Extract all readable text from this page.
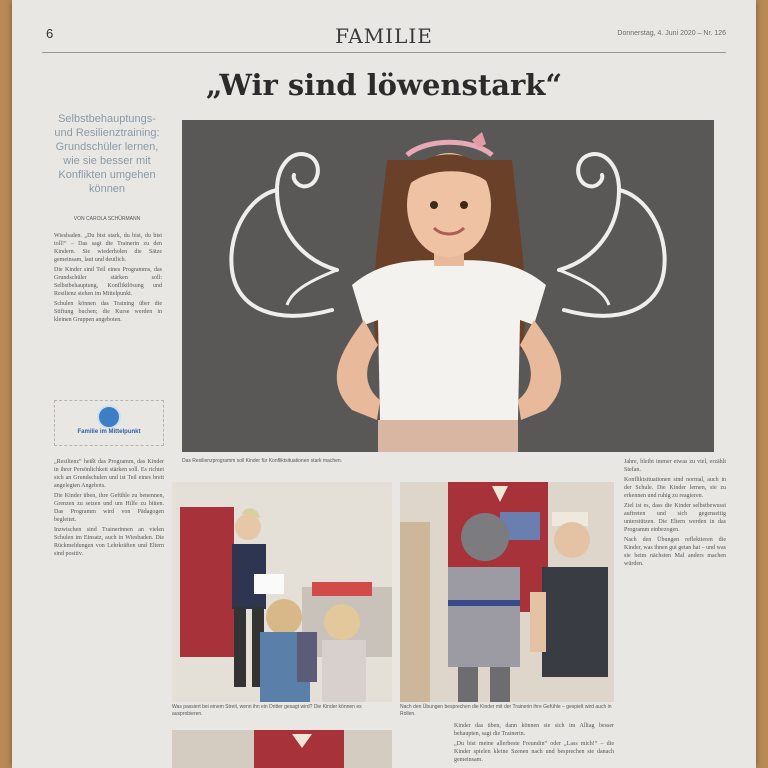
6	FAMILIE	Donnerstag, 4. Juni 2020 – Nr. 126
„Wir sind löwenstark“
Selbstbehauptungs- und Resilienztraining: Grundschüler lernen, wie sie besser mit Konflikten umgehen können
VON CAROLA SCHÜRMANN

Wiesbaden. „Du bist stark, du bist, du bist toll!“ – Das sagt die Trainerin zu den Kindern. Sie wiederholen die Sätze gemeinsam, laut und deutlich.

Die Kinder sind Teil eines Programms, das Grundschüler stärken soll: Selbstbehauptung, Konfliktlösung und Resilienz stehen im Mittelpunkt.

Schulen können das Training über die Stiftung buchen; die Kurse werden in kleinen Gruppen angeboten.

Familie im Mittelpunkt

„Resilienz“ heißt das Programm, das Kinder in ihrer Persönlichkeit stärken soll. Es richtet sich an Grundschulen und ist Teil eines breit angelegten Angebots.

Die Kinder üben, ihre Gefühle zu benennen, Grenzen zu setzen und um Hilfe zu bitten. Das Programm wird von Pädagogen begleitet.

Inzwischen sind Trainerinnen an vielen Schulen im Einsatz, auch in Wiesbaden. Die Rückmeldungen von Lehrkräften und Eltern sind positiv.

Das Resilienzprogramm soll Kinder für Konfliktsituationen stark machen.
Was passiert bei einem Streit, wenn ihn ein Dritter gesagt wird? Die Kinder können es ausprobieren.
Nach den Übungen besprechen die Kinder mit der Trainerin ihre Gefühle – gespielt wird auch in Rollen.

Kinder das üben, dann können sie sich im Alltag besser behaupten, sagt die Trainerin.

„Du bist meine allerbeste Freundin“ oder „Lass mich!“ – die Kinder spielen kleine Szenen nach und besprechen sie danach gemeinsam.

Jahre, bleibt immer etwas zu viel, erzählt Stefan.

Konfliktsituationen sind normal, auch in der Schule. Die Kinder lernen, sie zu erkennen und ruhig zu reagieren.

Ziel ist es, dass die Kinder selbstbewusst auftreten und sich gegenseitig unterstützen. Die Eltern werden in das Programm einbezogen.

Nach den Übungen reflektieren die Kinder, was ihnen gut getan hat – und was sie beim nächsten Mal anders machen würden.
